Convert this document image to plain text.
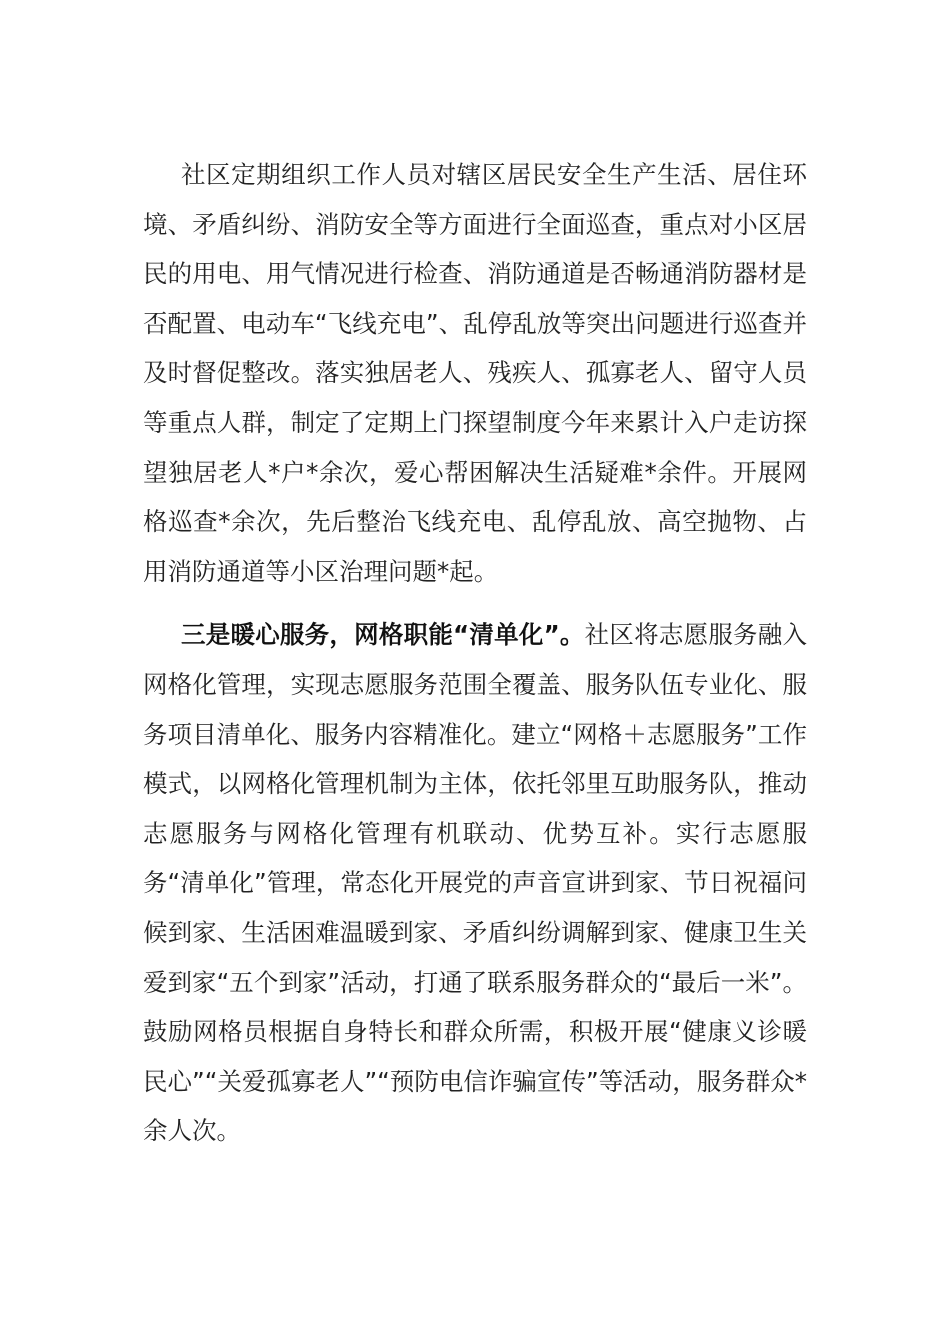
社区定期组织工作人员对辖区居民安全生产生活、居住环境、矛盾纠纷、消防安全等方面进行全面巡查，重点对小区居民的用电、用气情况进行检查、消防通道是否畅通消防器材是否配置、电动车“飞线充电”、乱停乱放等突出问题进行巡查并及时督促整改。落实独居老人、残疾人、孤寡老人、留守人员等重点人群，制定了定期上门探望制度今年来累计入户走访探望独居老人*户*余次，爱心帮困解决生活疑难*余件。开展网格巡查*余次，先后整治飞线充电、乱停乱放、高空抛物、占用消防通道等小区治理问题*起。

三是暖心服务，网格职能“清单化”。社区将志愿服务融入网格化管理，实现志愿服务范围全覆盖、服务队伍专业化、服务项目清单化、服务内容精准化。建立“网格＋志愿服务”工作模式，以网格化管理机制为主体，依托邻里互助服务队，推动志愿服务与网格化管理有机联动、优势互补。实行志愿服务“清单化”管理，常态化开展党的声音宣讲到家、节日祝福问候到家、生活困难温暖到家、矛盾纠纷调解到家、健康卫生关爱到家“五个到家”活动，打通了联系服务群众的“最后一米”。鼓励网格员根据自身特长和群众所需，积极开展“健康义诊暖民心”“关爱孤寡老人”“预防电信诈骗宣传”等活动，服务群众*余人次。
